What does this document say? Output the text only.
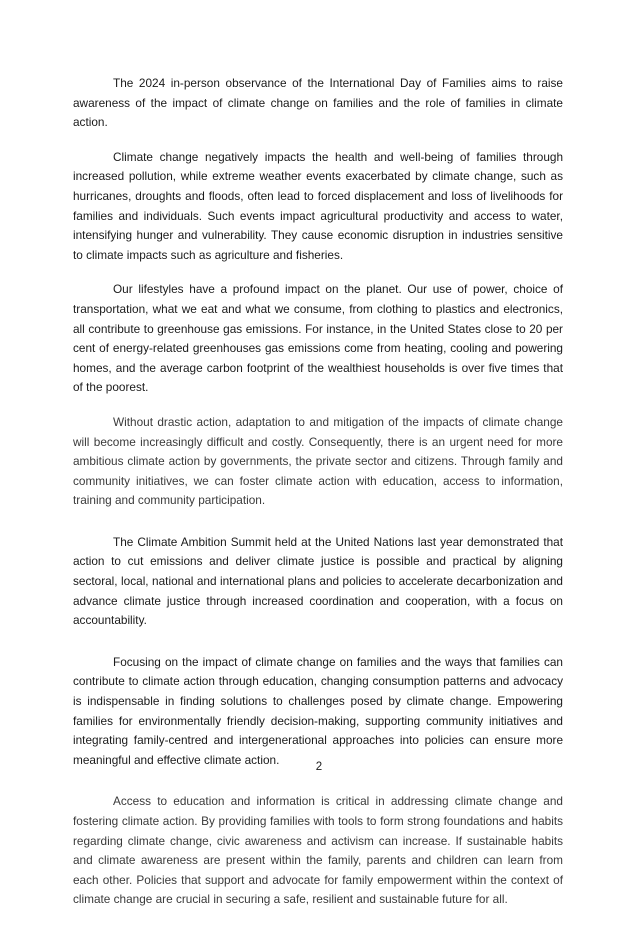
The 2024 in-person observance of the International Day of Families aims to raise awareness of the impact of climate change on families and the role of families in climate action.

Climate change negatively impacts the health and well-being of families through increased pollution, while extreme weather events exacerbated by climate change, such as hurricanes, droughts and floods, often lead to forced displacement and loss of livelihoods for families and individuals. Such events impact agricultural productivity and access to water, intensifying hunger and vulnerability. They cause economic disruption in industries sensitive to climate impacts such as agriculture and fisheries.

Our lifestyles have a profound impact on the planet. Our use of power, choice of transportation, what we eat and what we consume, from clothing to plastics and electronics, all contribute to greenhouse gas emissions. For instance, in the United States close to 20 per cent of energy-related greenhouses gas emissions come from heating, cooling and powering homes, and the average carbon footprint of the wealthiest households is over five times that of the poorest.

Without drastic action, adaptation to and mitigation of the impacts of climate change will become increasingly difficult and costly. Consequently, there is an urgent need for more ambitious climate action by governments, the private sector and citizens. Through family and community initiatives, we can foster climate action with education, access to information, training and community participation.

The Climate Ambition Summit held at the United Nations last year demonstrated that action to cut emissions and deliver climate justice is possible and practical by aligning sectoral, local, national and international plans and policies to accelerate decarbonization and advance climate justice through increased coordination and cooperation, with a focus on accountability.

Focusing on the impact of climate change on families and the ways that families can contribute to climate action through education, changing consumption patterns and advocacy is indispensable in finding solutions to challenges posed by climate change. Empowering families for environmentally friendly decision-making, supporting community initiatives and integrating family-centred and intergenerational approaches into policies can ensure more meaningful and effective climate action.

Access to education and information is critical in addressing climate change and fostering climate action. By providing families with tools to form strong foundations and habits regarding climate change, civic awareness and activism can increase. If sustainable habits and climate awareness are present within the family, parents and children can learn from each other. Policies that support and advocate for family empowerment within the context of climate change are crucial in securing a safe, resilient and sustainable future for all.

2
